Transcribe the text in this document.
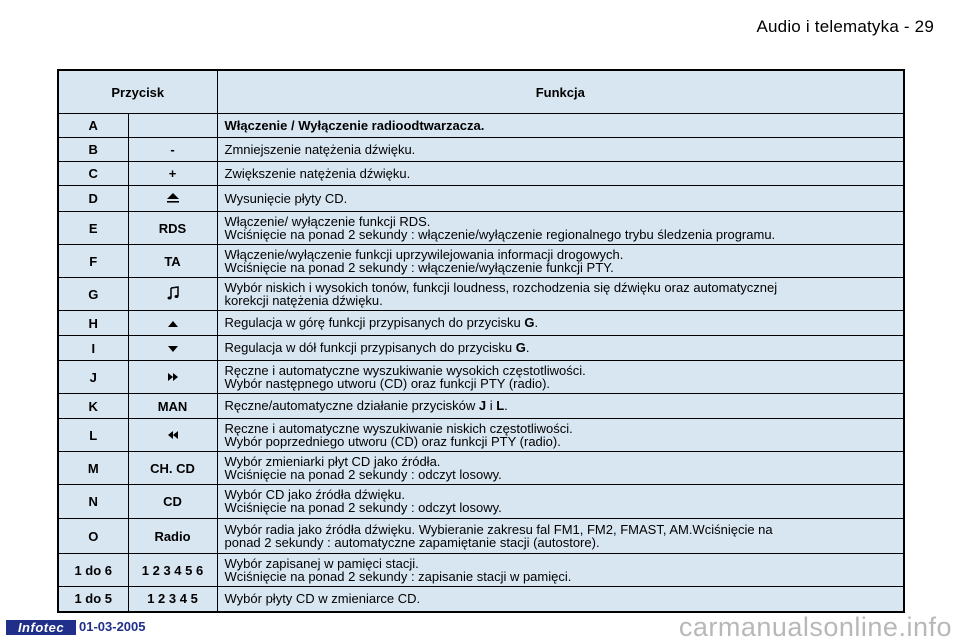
Audio i telematyka - 29
Przycisk		Funkcja
A		Włączenie / Wyłączenie radioodtwarzacza.

B	-	Zmniejszenie natężenia dźwięku.

C	+	Zwiększenie natężenia dźwięku.

D		Wysunięcie płyty CD.

E	RDS	Włączenie/ wyłączenie funkcji RDS.
Wciśnięcie na ponad 2 sekundy : włączenie/wyłączenie regionalnego trybu śledzenia programu.

F	TA	Włączenie/wyłączenie funkcji uprzywilejowania informacji drogowych.
Wciśnięcie na ponad 2 sekundy : włączenie/wyłączenie funkcji PTY.

G		Wybór niskich i wysokich tonów, funkcji loudness, rozchodzenia się dźwięku oraz automatycznej
korekcji natężenia dźwięku.

H		Regulacja w górę funkcji przypisanych do przycisku G.

I		Regulacja w dół funkcji przypisanych do przycisku G.

J		Ręczne i automatyczne wyszukiwanie wysokich częstotliwości.
Wybór następnego utworu (CD) oraz funkcji PTY (radio).

K	MAN	Ręczne/automatyczne działanie przycisków J i L.

L		Ręczne i automatyczne wyszukiwanie niskich częstotliwości.
Wybór poprzedniego utworu (CD) oraz funkcji PTY (radio).

M	CH. CD	Wybór zmieniarki płyt CD jako źródła.
Wciśnięcie na ponad 2 sekundy : odczyt losowy.

N	CD	Wybór CD jako źródła dźwięku.
Wciśnięcie na ponad 2 sekundy : odczyt losowy.

O	Radio	Wybór radia jako źródła dźwięku. Wybieranie zakresu fal FM1, FM2, FMAST, AM.Wciśnięcie na
ponad 2 sekundy : automatyczne zapamiętanie stacji (autostore).

1 do 6	1 2 3 4 5 6	Wybór zapisanej w pamięci stacji.
Wciśnięcie na ponad 2 sekundy : zapisanie stacji w pamięci.

1 do 5	1 2 3 4 5	Wybór płyty CD w zmieniarce CD.
Infotec	01-03-2005	carmanualsonline.info
